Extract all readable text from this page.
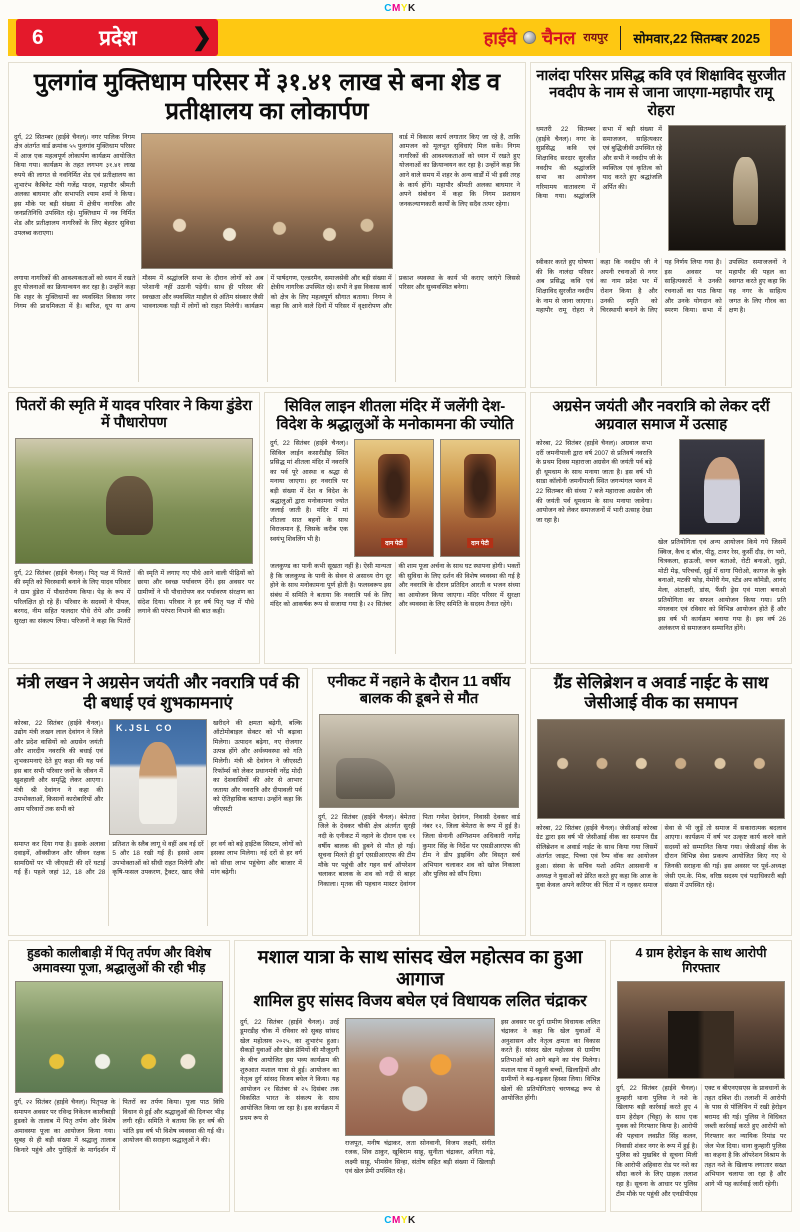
CMYK
6	प्रदेश	❯	हाईवे चैनल रायपुर सोमवार,22 सितम्बर 2025
पुलगांव मुक्तिधाम परिसर में ३१.४१ लाख से बना शेड व प्रतीक्षालय का लोकार्पण
दुर्ग, 22 सितम्बर (हाईवे चैनल)। नगर पालिक निगम क्षेत्र अंतर्गत वार्ड क्रमांक ५५ पुलगांव मुक्तिधाम परिसर में आज एक महत्वपूर्ण लोकार्पण कार्यक्रम आयोजित किया गया। कार्यक्रम के तहत लगभग ३१.४१ लाख रुपये की लागत से नवनिर्मित शेड एवं प्रतीक्षालय का शुभारंभ कैबिनेट मंत्री गजेंद्र यादव, महापौर श्रीमती अलका बाघमार और सभापति श्याम शर्मा ने किया। इस मौके पर बड़ी संख्या में क्षेत्रीय नागरिक और जनप्रतिनिधि उपस्थित रहे। मुक्तिधाम में नव निर्मित शेड और प्रतीक्षालय नागरिकों के लिए बेहतर सुविधा उपलब्ध कराएगा।
वार्ड में विकास कार्य लगातार किए जा रहे है, ताकि आमजन को मूलभूत सुविधाएं मिल सकें। निगम नागरिकों की आवश्यकताओं को ध्यान में रखते हुए योजनाओं का क्रियान्वयन कर रहा है। उन्होंने कहा कि आने वाले समय में शहर के अन्य वार्डों में भी इसी तरह के कार्य होंगे। महापौर श्रीमती अलका बाघमार ने अपने संबोधन में कहा कि निगम प्रशासन जनकल्याणकारी कार्यों के लिए सदैव तत्पर रहेगा।
लगाया नागरिकों की आवश्यकताओं को ध्यान में रखते हुए योजनाओं का क्रियान्वयन कर रहा है। उन्होंने कहा कि शहर के मुक्तिधामों का व्यवस्थित विकास नगर निगम की प्राथमिकता में है। बारिश, धूप या अन्य मौसम में श्रद्धांजलि सभा के दौरान लोगों को अब परेशानी नहीं उठानी पड़ेगी। साथ ही परिसर की स्वच्छता और व्यवस्थित माहौल से अंतिम संस्कार जैसी भावनात्मक घड़ी में लोगों को राहत मिलेगी। कार्यक्रम में पार्षदगण, एल्डरमैन, समाजसेवी और बड़ी संख्या में क्षेत्रीय नागरिक उपस्थित रहे। सभी ने इस विकास कार्य को क्षेत्र के लिए महत्वपूर्ण सौगात बताया। निगम ने कहा कि आने वाले दिनों में परिसर में वृक्षारोपण और प्रकाश व्यवस्था के कार्य भी कराए जाएंगे जिससे परिसर और सुव्यवस्थित बनेगा।
नालंदा परिसर प्रसिद्ध कवि एवं शिक्षाविद सुरजीत नवदीप के नाम से जाना जाएगा-महापौर रामू रोहरा
धमतरी 22 सितम्बर (हाईवे चैनल)। नगर के सुप्रसिद्ध कवि एवं शिक्षाविद सरदार सुरजीत नवदीप की श्रद्धांजलि सभा का आयोजन गरिमामय वातावरण में किया गया। श्रद्धांजलि सभा में बड़ी संख्या में समाजजन, साहित्यकार एवं बुद्धिजीवी उपस्थित रहे और सभी ने नवदीप जी के व्यक्तित्व एवं कृतित्व को याद करते हुए श्रद्धांजलि अर्पित की।
स्वीकार करते हुए घोषणा की कि नालंदा परिसर अब प्रसिद्ध कवि एवं शिक्षाविद सुरजीत नवदीप के नाम से जाना जाएगा। महापौर रामू रोहरा ने कहा कि नवदीप जी ने अपनी रचनाओं से नगर का नाम प्रदेश भर में रोशन किया है और उनकी स्मृति को चिरस्थायी बनाने के लिए यह निर्णय लिया गया है। इस अवसर पर साहित्यकारों ने उनकी रचनाओं का पाठ किया और उनके योगदान को स्मरण किया। सभा में उपस्थित समाजजनों ने महापौर की पहल का स्वागत करते हुए कहा कि यह नगर के साहित्य जगत के लिए गौरव का क्षण है।
पितरों की स्मृति में यादव परिवार ने किया डुंडेरा में पौधारोपण
दुर्ग, 22 सितंबर (हाईवे चैनल)। पितृ पक्ष में पितरों की स्मृति को चिरस्थायी बनाने के लिए यादव परिवार ने ग्राम डुंडेरा में पौधारोपण किया। पेड़ के रूप में परिलक्षित हो रहे हैं। परिवार के सदस्यों ने पीपल, बरगद, नीम सहित फलदार पौधे रोपे और उनकी सुरक्षा का संकल्प लिया। परिजनों ने कहा कि पितरों की स्मृति में लगाए गए पौधे आने वाली पीढ़ियों को छाया और स्वच्छ पर्यावरण देंगे। इस अवसर पर ग्रामीणों ने भी पौधारोपण कर पर्यावरण संरक्षण का संदेश दिया। परिवार ने हर वर्ष पितृ पक्ष में पौधे लगाने की परंपरा निभाने की बात कही।
सिविल लाइन शीतला मंदिर में जलेंगी देश-विदेश के श्रद्धालुओं के मनोकामना की ज्योति
दुर्ग, 22 सितंबर (हाईवे चैनल)। सिविल लाईन कसारीडीह स्थित प्रसिद्ध मां शीतला मंदिर में नवरात्रि का पर्व पूरे आस्था व श्रद्धा से मनाया जाएगा। हर नवरात्रि पर बड़ी संख्या में देश व विदेश के श्रद्धालुओं द्वारा मनोकामना ज्योत जलाई जाती है। मंदिर में मां शीतला सात बहनों के साथ विराजमान हैं, जिसके करीब एक स्वयंभू शिवलिंग भी है।
दान पेटी	दान पेटी
जलकुण्ड का पानी कभी सूखता नहीं है। ऐसी मान्यता है कि जलकुण्ड के पानी के सेवन से असाध्य रोग दूर होने के साथ मनोकामना पूर्ण होती है। फलस्वरूप इस संबंध में समिति ने बताया कि नवरात्रि पर्व के लिए मंदिर को आकर्षक रूप से सजाया गया है। २२ सितंबर की शाम पूजा अर्चना के साथ घट स्थापना होगी। भक्तों की सुविधा के लिए दर्शन की विशेष व्यवस्था की गई है और नवरात्रि के दौरान प्रतिदिन आरती व भजन संध्या का आयोजन किया जाएगा। मंदिर परिसर में सुरक्षा और व्यवस्था के लिए समिति के सदस्य तैनात रहेंगे।
अग्रसेन जयंती और नवरात्रि को लेकर दरीं अग्रवाल समाज में उत्साह
कोरबा, 22 सितंबर (हाईवे चैनल)। अग्रवाल सभा दरीं जमनीपाली द्वारा वर्ष 2007 से प्रतिवर्ष नवरात्रि के प्रथम दिवस महाराजा अग्रसेन की जयंती पर्व बड़े ही धूमधाम के साथ मनाया जाता है। इस वर्ष भी साडा कॉलोनी जमनीपाली स्थित जगन्मंगल भवन में 22 सितम्बर की संध्या 7 बजे महाराजा अग्रसेन जी की जयंती पर्व धूमधाम के साथ मनाया जावेगा। आयोजन को लेकर समाजजनों में भारी उत्साह देखा जा रहा है।
खेल प्रतियोगिता एवं अन्य आयोजन किये गये जिसमें क्विज, कैच द बॉल, पीठू, टायर रेस, कुर्सी दौड़, रंग भरो, चित्रकला, हाऊजी, वचन बताओ, रोटी बनाओ, लुढ़ो, मोटी मेढ़, परिचर्चा, सुई में धागा पिरोओ, कागज के बुके बनाओ, मटकी फोड़, मेमोरी गेम, स्टेंड अप कॉमेडी, आनंद मेला, अंताक्षरी, डांस, फैंसी ड्रेस एवं माला बनाओ प्रतियोगिता का सफल आयोजन किया गया। प्रति मंगलवार एवं रविवार को विभिन्न आयोजन होते हैं और इस वर्ष भी कार्यक्रम बनाया गया है। इस वर्ष 26 अलंकरण से समाजजन सम्मानित होंगे।
मंत्री लखन ने अग्रसेन जयंती और नवरात्रि पर्व की दी बधाई एवं शुभकामनाएं
कोरबा, 22 सितंबर (हाईवे चैनल)। उद्योग मंत्री लखन लाल देवांगन ने जिले और प्रदेश वासियों को अग्रसेन जयंती और शारदीय नवरात्रि की बधाई एवं शुभकामनाएं देते हुए कहा की यह पर्व इस बार सभी परिवार जनों के जीवन में खुशहाली और समृद्धि लेकर आएगा। मंत्री श्री देवांगन ने कहा की उपभोक्ताओं, किसानों कारोबारियों और आम परिवारों तक सभी को
K.JSL CO	खरीदने की क्षमता बढ़ेगी, बल्कि ऑटोमोबाइल सेक्टर को भी बढ़ावा मिलेगा। उत्पादन बढ़ेगा, नए रोजगार उत्पन्न होंगे और अर्थव्यवस्था को गति मिलेगी। मंत्री श्री देवांगन ने जीएसटी रिफॉर्म्स को लेकर प्रधानमंत्री नरेंद्र मोदी का देशवासियों की ओर से आभार जताया और नवरात्रि और दीपावली पर्व को ऐतिहासिक बताया। उन्होंने कहा कि जीएसटी
समाप्त कर दिया गया है। इसके अलावा दवाइयें, ऑक्सीजन और जीवन रक्षक सामग्रियों पर भी जीएसटी की दरें घटाई गई हैं। पहले जहां 12, 18 और 28 प्रतिशत के स्लैब लागू थे वहीं अब नई दरें 5 और 18 रखी गई हैं। इससे आम उपभोक्ताओं को सीधी राहत मिलेगी और कृषि-फसल उपकरण, ट्रैक्टर, खाद जैसे हर वर्ग को बड़े हाईटेक सिस्टम, लोगों को इसका लाभ मिलेगा। नई दरों से हर वर्ग को सीधा लाभ पहुंचेगा और बाजार में मांग बढ़ेगी।
एनीकट में नहाने के दौरान 11 वर्षीय बालक की डूबने से मौत
दुर्ग, 22 सितंबर (हाईवे चैनल)। बेमेतरा जिले के देवकर चौकी क्षेत्र अंतर्गत सुरही नदी के एनीकट में नहाने के दौरान एक ११ वर्षीय बालक की डूबने से मौत हो गई। सूचना मिलते ही दुर्ग एसडीआरएफ की टीम मौके पर पहुंची और गहन सर्च ऑपरेशन चलाकर बालक के शव को नदी से बाहर निकाला। मृतक की पहचान मास्टर देवांगन पिता गणेश देवांगन, निवासी देवकर वार्ड नंबर १२, जिला बेमेतरा के रूप में हुई है। जिला सेनानी अग्निशमन अधिकारी नागेंद्र कुमार सिंह के निर्देश पर एसडीआरएफ की टीम ने डीप ड्राइविंग और विस्तृत सर्च अभियान चलाकर शव को खोज निकाला और पुलिस को सौंप दिया।
ग्रैंड सेलिब्रेशन व अवार्ड नाईट के साथ जेसीआई वीक का समापन
कोरबा, 22 सितंबर (हाईवे चैनल)। जेसीआई कोरबा ग्रेट द्वारा इस वर्ष भी जेसीआई वीक का समापन ग्रैंड सेलिब्रेशन व अवार्ड नाईट के साथ किया गया जिसमें अंतर्गत जाइट, पिच्चा एवं रैम्प वॉक का आयोजन हुआ। संस्था के सचिव यशो अमित आसवानी व अध्यक्ष ने युवाओं को प्रेरित करते हुए कहा कि आज के युवा केवल अपने करियर की चिंता में न रहकर समाज सेवा से भी जुड़ें तो समाज में सकारात्मक बदलाव आएगा। कार्यक्रम में वर्ष भर उत्कृष्ट कार्य करने वाले सदस्यों को सम्मानित किया गया। जेसीआई वीक के दौरान विभिन्न सेवा प्रकल्प आयोजित किए गए थे जिनकी सराहना की गई। इस अवसर पर पूर्व-अध्यक्ष जेसी एम.के. मिश्र, वरिष्ठ सदस्य एवं पदाधिकारी बड़ी संख्या में उपस्थित रहे।
हुडको कालीबाड़ी में पितृ तर्पण और विशेष अमावस्या पूजा, श्रद्धालुओं की रही भीड़
दुर्ग, २२ सितंबर (हाईवे चैनल)। पितृपक्ष के समापन अवसर पर रविन्द्र निकेतन कालीबाड़ी हुडको के तालाब में पितृ तर्पण और विशेष अमावस्या पूजा का आयोजन किया गया। सुबह से ही बड़ी संख्या में श्रद्धालु तालाब किनारे पहुंचे और पुरोहितों के मार्गदर्शन में पितरों का तर्पण किया। पूजा पाठ विधि विधान से हुई और श्रद्धालुओं की दिनभर भीड़ लगी रही। समिति ने बताया कि हर वर्ष की भांति इस वर्ष भी विशेष व्यवस्था की गई थी। आयोजन की सराहना श्रद्धालुओं ने की।
मशाल यात्रा के साथ सांसद खेल महोत्सव का हुआ आगाज
शामिल हुए सांसद विजय बघेल एवं विधायक ललित चंद्राकर
दुर्ग, 22 सितंबर (हाईवे चैनल)। उरई डूमरडीह चौक में रविवार को सुबह सांसद खेल महोत्सव २०२५, का शुभारंभ हुआ। सैकड़ों युवाओं और खेल प्रेमियों की मौजूदगी के बीच आयोजित इस भव्य कार्यक्रम की शुरुआत मशाल यात्रा से हुई। आयोजन का नेतृत्व दुर्ग सांसद विजय बघेल ने किया। यह आयोजन २१ सितंबर से २५ दिसंबर तक विकसित भारत के संकल्प के साथ आयोजित किया जा रहा है। इस कार्यक्रम में प्रथम रूप से
राजपूत, मनीष चंद्राकर, लता सोनवानी, विजय लक्ष्मी, संगीत रजक, शिव ठाकुर, खूबिराम साहू, सुनीता चंद्राकर, अनिता गढ़े, लक्ष्मी साहू, भीमसेन सिन्हा, संतोष सहित बड़ी संख्या में खिलाड़ी एवं खेल प्रेमी उपस्थित रहे।
इस अवसर पर दुर्ग ग्रामीण विधायक ललित चंद्राकर ने कहा कि खेल युवाओं में अनुशासन और नेतृत्व क्षमता का विकास करते हैं। सांसद खेल महोत्सव से ग्रामीण प्रतिभाओं को आगे बढ़ने का मंच मिलेगा। मशाल यात्रा में स्कूली बच्चों, खिलाड़ियों और ग्रामीणों ने बढ़-चढ़कर हिस्सा लिया। विभिन्न खेलों की प्रतियोगिताएं चरणबद्ध रूप से आयोजित होंगी।
4 ग्राम हेरोइन के साथ आरोपी गिरफ्तार
दुर्ग, 22 सितंबर (हाईवे चैनल)। कुम्हारी थाना पुलिस ने नशे के खिलाफ बड़ी कार्रवाई करते हुए 4 ग्राम हेरोइन (चिट्टा) के साथ एक युवक को गिरफ्तार किया है। आरोपी की पहचान लवप्रीत सिंह कलन, निवासी शंकर नगर के रूप में हुई है। पुलिस को मुखबिर से सूचना मिली कि आरोपी अहिवारा रोड पर नशे का सौदा करने के लिए ग्राहक तलाश रहा है। सूचना के आधार पर पुलिस टीम मौके पर पहुंची और एनडीपीएस एक्ट व बीएनएसएस के प्रावधानों के तहत दबिश दी। तलाशी में आरोपी के पास से पॉलिथिन में रखी हेरोइन बरामद की गई। पुलिस ने विधिवत जब्ती कार्रवाई करते हुए आरोपी को गिरफ्तार कर न्यायिक रिमांड पर जेल भेज दिया। थाना कुम्हारी पुलिस का कहना है कि ऑपरेशन विश्राम के तहत नशे के खिलाफ लगातार सख्त अभियान चलाया जा रहा है और आगे भी यह कार्रवाई जारी रहेगी।
CMYK
